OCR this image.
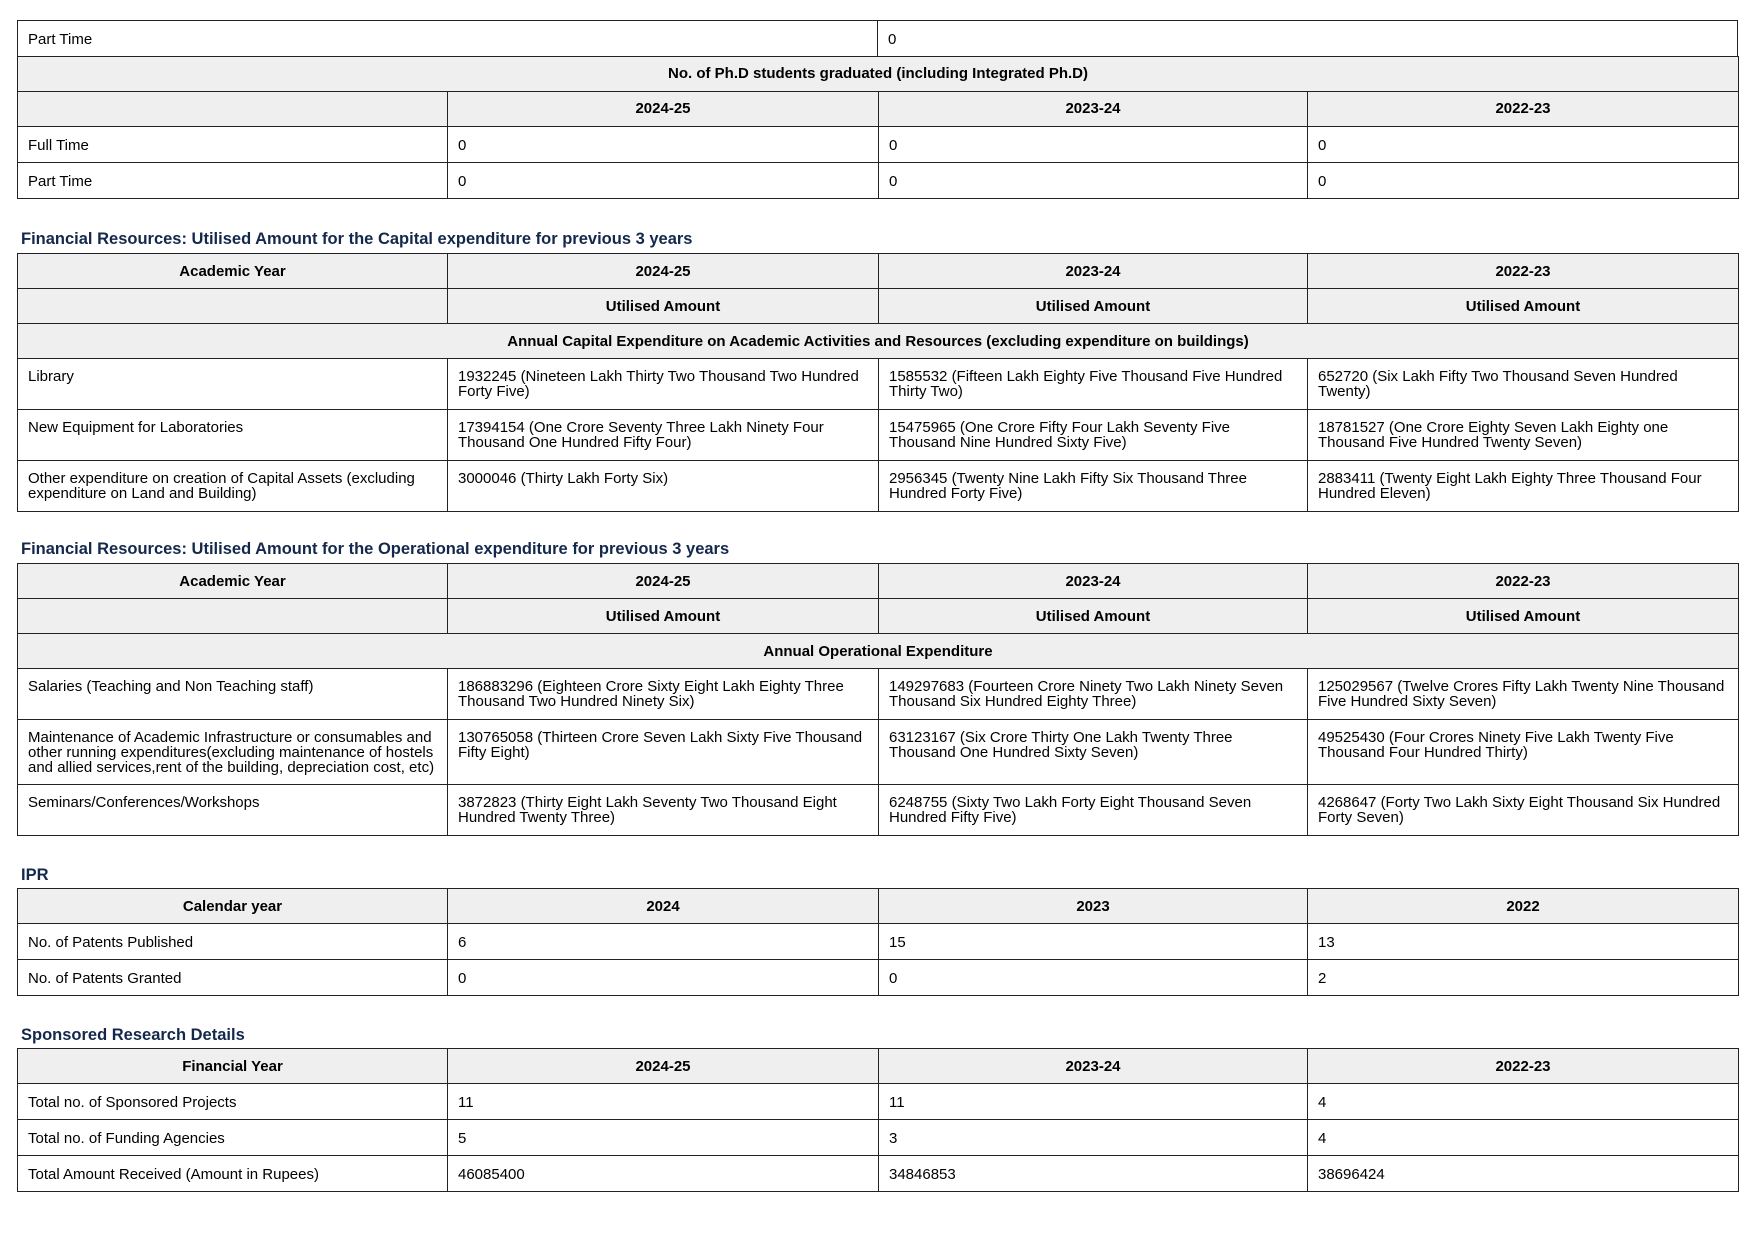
Part Time	0
No. of Ph.D students graduated (including Integrated Ph.D)			
	2024-25	2023-24	2022-23
Full Time	0	0	0
Part Time	0	0	0
Financial Resources: Utilised Amount for the Capital expenditure for previous 3 years
Academic Year	2024-25	2023-24	2022-23
	Utilised Amount	Utilised Amount	Utilised Amount
Annual Capital Expenditure on Academic Activities and Resources (excluding expenditure on buildings)			
Library	1932245 (Nineteen Lakh Thirty Two Thousand Two Hundred Forty Five)	1585532 (Fifteen Lakh Eighty Five Thousand Five Hundred Thirty Two)	652720 (Six Lakh Fifty Two Thousand Seven Hundred Twenty)
New Equipment for Laboratories	17394154 (One Crore Seventy Three Lakh Ninety Four Thousand One Hundred Fifty Four)	15475965 (One Crore Fifty Four Lakh Seventy Five Thousand Nine Hundred Sixty Five)	18781527 (One Crore Eighty Seven Lakh Eighty one Thousand Five Hundred Twenty Seven)
Other expenditure on creation of Capital Assets (excluding expenditure on Land and Building)	3000046 (Thirty Lakh Forty Six)	2956345 (Twenty Nine Lakh Fifty Six Thousand Three Hundred Forty Five)	2883411 (Twenty Eight Lakh Eighty Three Thousand Four Hundred Eleven)
Financial Resources: Utilised Amount for the Operational expenditure for previous 3 years
Academic Year	2024-25	2023-24	2022-23
	Utilised Amount	Utilised Amount	Utilised Amount
Annual Operational Expenditure			
Salaries (Teaching and Non Teaching staff)	186883296 (Eighteen Crore Sixty Eight Lakh Eighty Three Thousand Two Hundred Ninety Six)	149297683 (Fourteen Crore Ninety Two Lakh Ninety Seven Thousand Six Hundred Eighty Three)	125029567 (Twelve Crores Fifty Lakh Twenty Nine Thousand Five Hundred Sixty Seven)
Maintenance of Academic Infrastructure or consumables and other running expenditures(excluding maintenance of hostels and allied services,rent of the building, depreciation cost, etc)	130765058 (Thirteen Crore Seven Lakh Sixty Five Thousand Fifty Eight)	63123167 (Six Crore Thirty One Lakh Twenty Three Thousand One Hundred Sixty Seven)	49525430 (Four Crores Ninety Five Lakh Twenty Five Thousand Four Hundred Thirty)
Seminars/Conferences/Workshops	3872823 (Thirty Eight Lakh Seventy Two Thousand Eight Hundred Twenty Three)	6248755 (Sixty Two Lakh Forty Eight Thousand Seven Hundred Fifty Five)	4268647 (Forty Two Lakh Sixty Eight Thousand Six Hundred Forty Seven)
IPR
Calendar year	2024	2023	2022
No. of Patents Published	6	15	13
No. of Patents Granted	0	0	2
Sponsored Research Details
Financial Year	2024-25	2023-24	2022-23
Total no. of Sponsored Projects	11	11	4
Total no. of Funding Agencies	5	3	4
Total Amount Received (Amount in Rupees)	46085400	34846853	38696424
